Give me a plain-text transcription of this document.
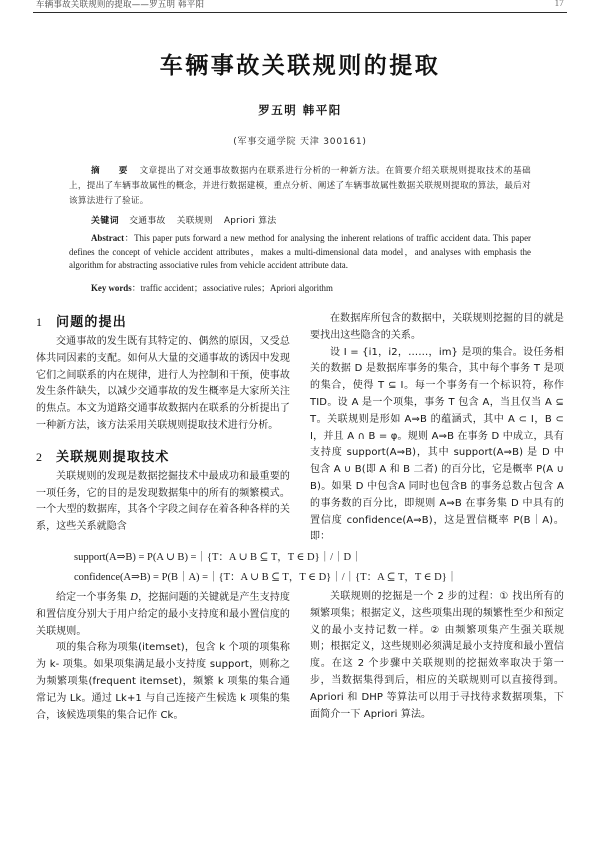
车辆事故关联规则的提取——罗五明 韩平阳	17
车辆事故关联规则的提取
罗五明 韩平阳
(军事交通学院 天津 300161)
摘　要 文章提出了对交通事故数据内在联系进行分析的一种新方法。在简要介绍关联规则提取技术的基础上，提出了车辆事故属性的概念，并进行数据建模，重点分析、阐述了车辆事故属性数据关联规则提取的算法，最后对该算法进行了验证。
关键词 交通事故 关联规则 Apriori 算法
Abstract：This paper puts forward a new method for analysing the inherent relations of traffic accident data. This paper defines the concept of vehicle accident attributes，makes a multi-dimensional data model，and analyses with emphasis the algorithm for abstracting associative rules from vehicle accident attribute data.
Key words：traffic accident；associative rules；Apriori algorithm
1	问题的提出

交通事故的发生既有其特定的、偶然的原因，又受总体共同因素的支配。如何从大量的交通事故的诱因中发现它们之间联系的内在规律，进行人为控制和干预，使事故发生条件缺失，以减少交通事故的发生概率是大家所关注的焦点。本文为道路交通事故数据内在联系的分析提出了一种新方法，该方法采用关联规则提取技术进行分析。

2	关联规则提取技术

关联规则的发现是数据挖掘技术中最成功和最重要的一项任务，它的目的是发现数据集中的所有的频繁模式。一个大型的数据库，其各个字段之间存在着各种各样的关系，这些关系就隐含

在数据库所包含的数据中，关联规则挖掘的目的就是要找出这些隐含的关系。

设 I = {i1，i2，……，im} 是项的集合。设任务相关的数据 D 是数据库事务的集合，其中每个事务 T 是项的集合，使得 T ⊆ I。每一个事务有一个标识符，称作 TID。设 A 是一个项集，事务 T 包含 A，当且仅当 A ⊆ T。关联规则是形如 A⇒B 的蕴涵式，其中 A ⊂ I，B ⊂ I，并且 A ∩ B = φ。规则 A⇒B 在事务 D 中成立，具有支持度 support(A⇒B)，其中 support(A⇒B) 是 D 中包含 A ∪ B(即 A 和 B 二者) 的百分比，它是概率 P(A ∪ B)。如果 D 中包含A 同时也包含B 的事务总数占包含 A 的事务数的百分比，即规则 A⇒B 在事务集 D 中具有的置信度 confidence(A⇒B)，这是置信概率 P(B｜A)。即：

support(A⇒B) = P(A ∪ B) =｜{T：A ∪ B ⊆ T，T ∈ D}｜/｜D｜
confidence(A⇒B) = P(B｜A) =｜{T：A ∪ B ⊆ T，T ∈ D}｜/｜{T：A ⊆ T，T ∈ D}｜

给定一个事务集 D，挖掘问题的关键就是产生支持度和置信度分别大于用户给定的最小支持度和最小置信度的关联规则。

项的集合称为项集(itemset)，包含 k 个项的项集称为 k- 项集。如果项集满足最小支持度 support，则称之为频繁项集(frequent itemset)，频繁 k 项集的集合通常记为 Lk。通过 Lk+1 与自己连接产生候选 k 项集的集合，该候选项集的集合记作 Ck。

关联规则的挖掘是一个 2 步的过程：① 找出所有的频繁项集；根据定义，这些项集出现的频繁性至少和预定义的最小支持记数一样。② 由频繁项集产生强关联规则；根据定义，这些规则必须满足最小支持度和最小置信度。在这 2 个步骤中关联规则的挖掘效率取决于第一步，当数据集得到后，相应的关联规则可以直接得到。Apriori 和 DHP 等算法可以用于寻找待求数据项集，下面简介一下 Apriori 算法。
